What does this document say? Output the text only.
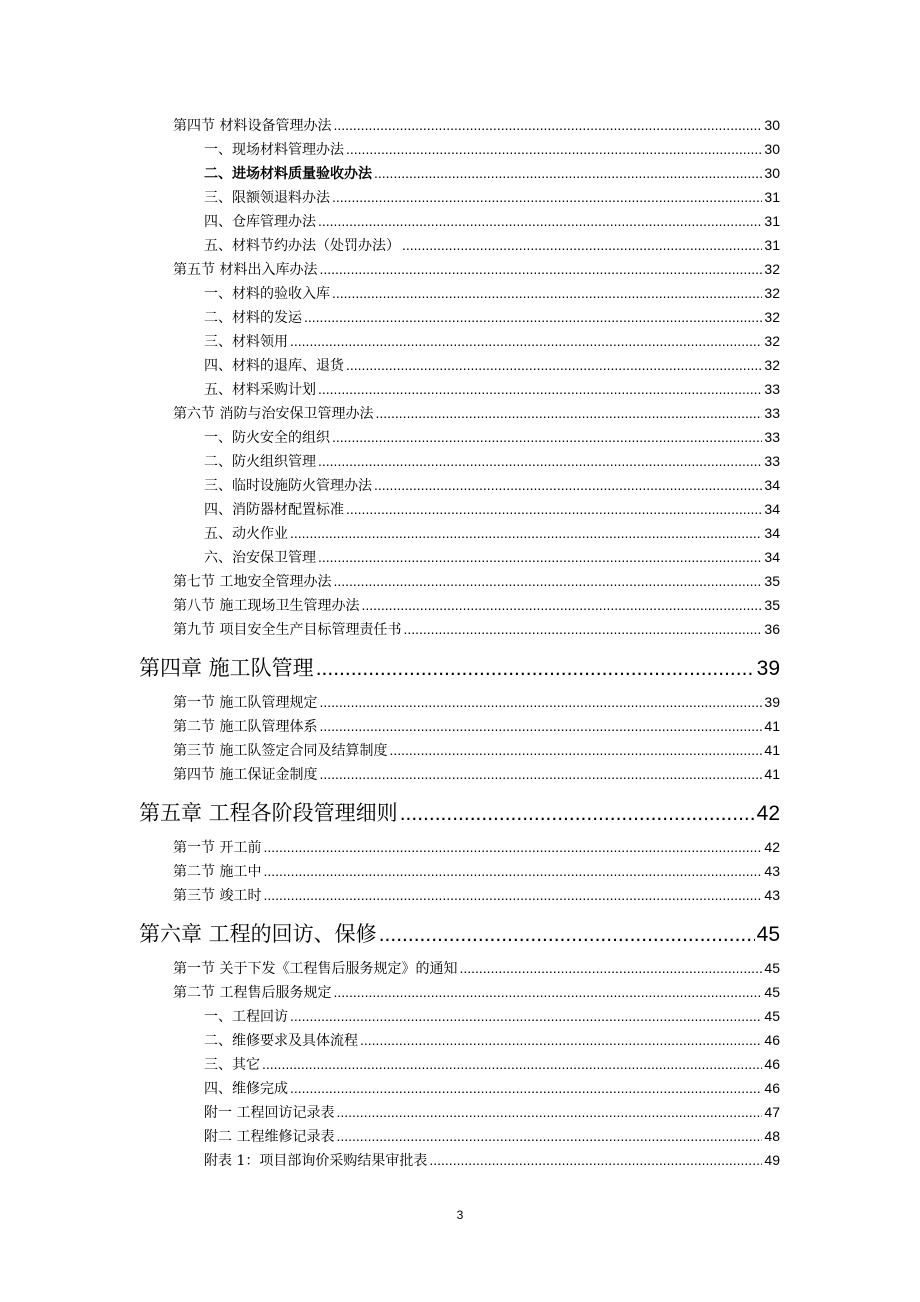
第四节 材料设备管理办法 .....	30
一、现场材料管理办法 .....	30
二、进场材料质量验收办法 .....	30
三、限额领退料办法 .....	31
四、仓库管理办法 .....	31
五、材料节约办法（处罚办法） .....	31
第五节 材料出入库办法 .....	32
一、材料的验收入库 .....	32
二、材料的发运 .....	32
三、材料领用 .....	32
四、材料的退库、退货 .....	32
五、材料采购计划 .....	33
第六节 消防与治安保卫管理办法 .....	33
一、防火安全的组织 .....	33
二、防火组织管理 .....	33
三、临时设施防火管理办法 .....	34
四、消防器材配置标准 .....	34
五、动火作业 .....	34
六、治安保卫管理 .....	34
第七节 工地安全管理办法 .....	35
第八节 施工现场卫生管理办法 .....	35
第九节 项目安全生产目标管理责任书 .....	36
第四章 施工队管理 .....	39
第一节 施工队管理规定 .....	39
第二节 施工队管理体系 .....	41
第三节 施工队签定合同及结算制度 .....	41
第四节 施工保证金制度 .....	41
第五章 工程各阶段管理细则 .....	42
第一节 开工前 .....	42
第二节 施工中 .....	43
第三节 竣工时 .....	43
第六章 工程的回访、保修 .....	45
第一节 关于下发《工程售后服务规定》的通知 .....	45
第二节 工程售后服务规定 .....	45
一、工程回访 .....	45
二、维修要求及具体流程 .....	46
三、其它 .....	46
四、维修完成 .....	46
附一 工程回访记录表 .....	47
附二 工程维修记录表 .....	48
附表 1：项目部询价采购结果审批表 .....	49
3
